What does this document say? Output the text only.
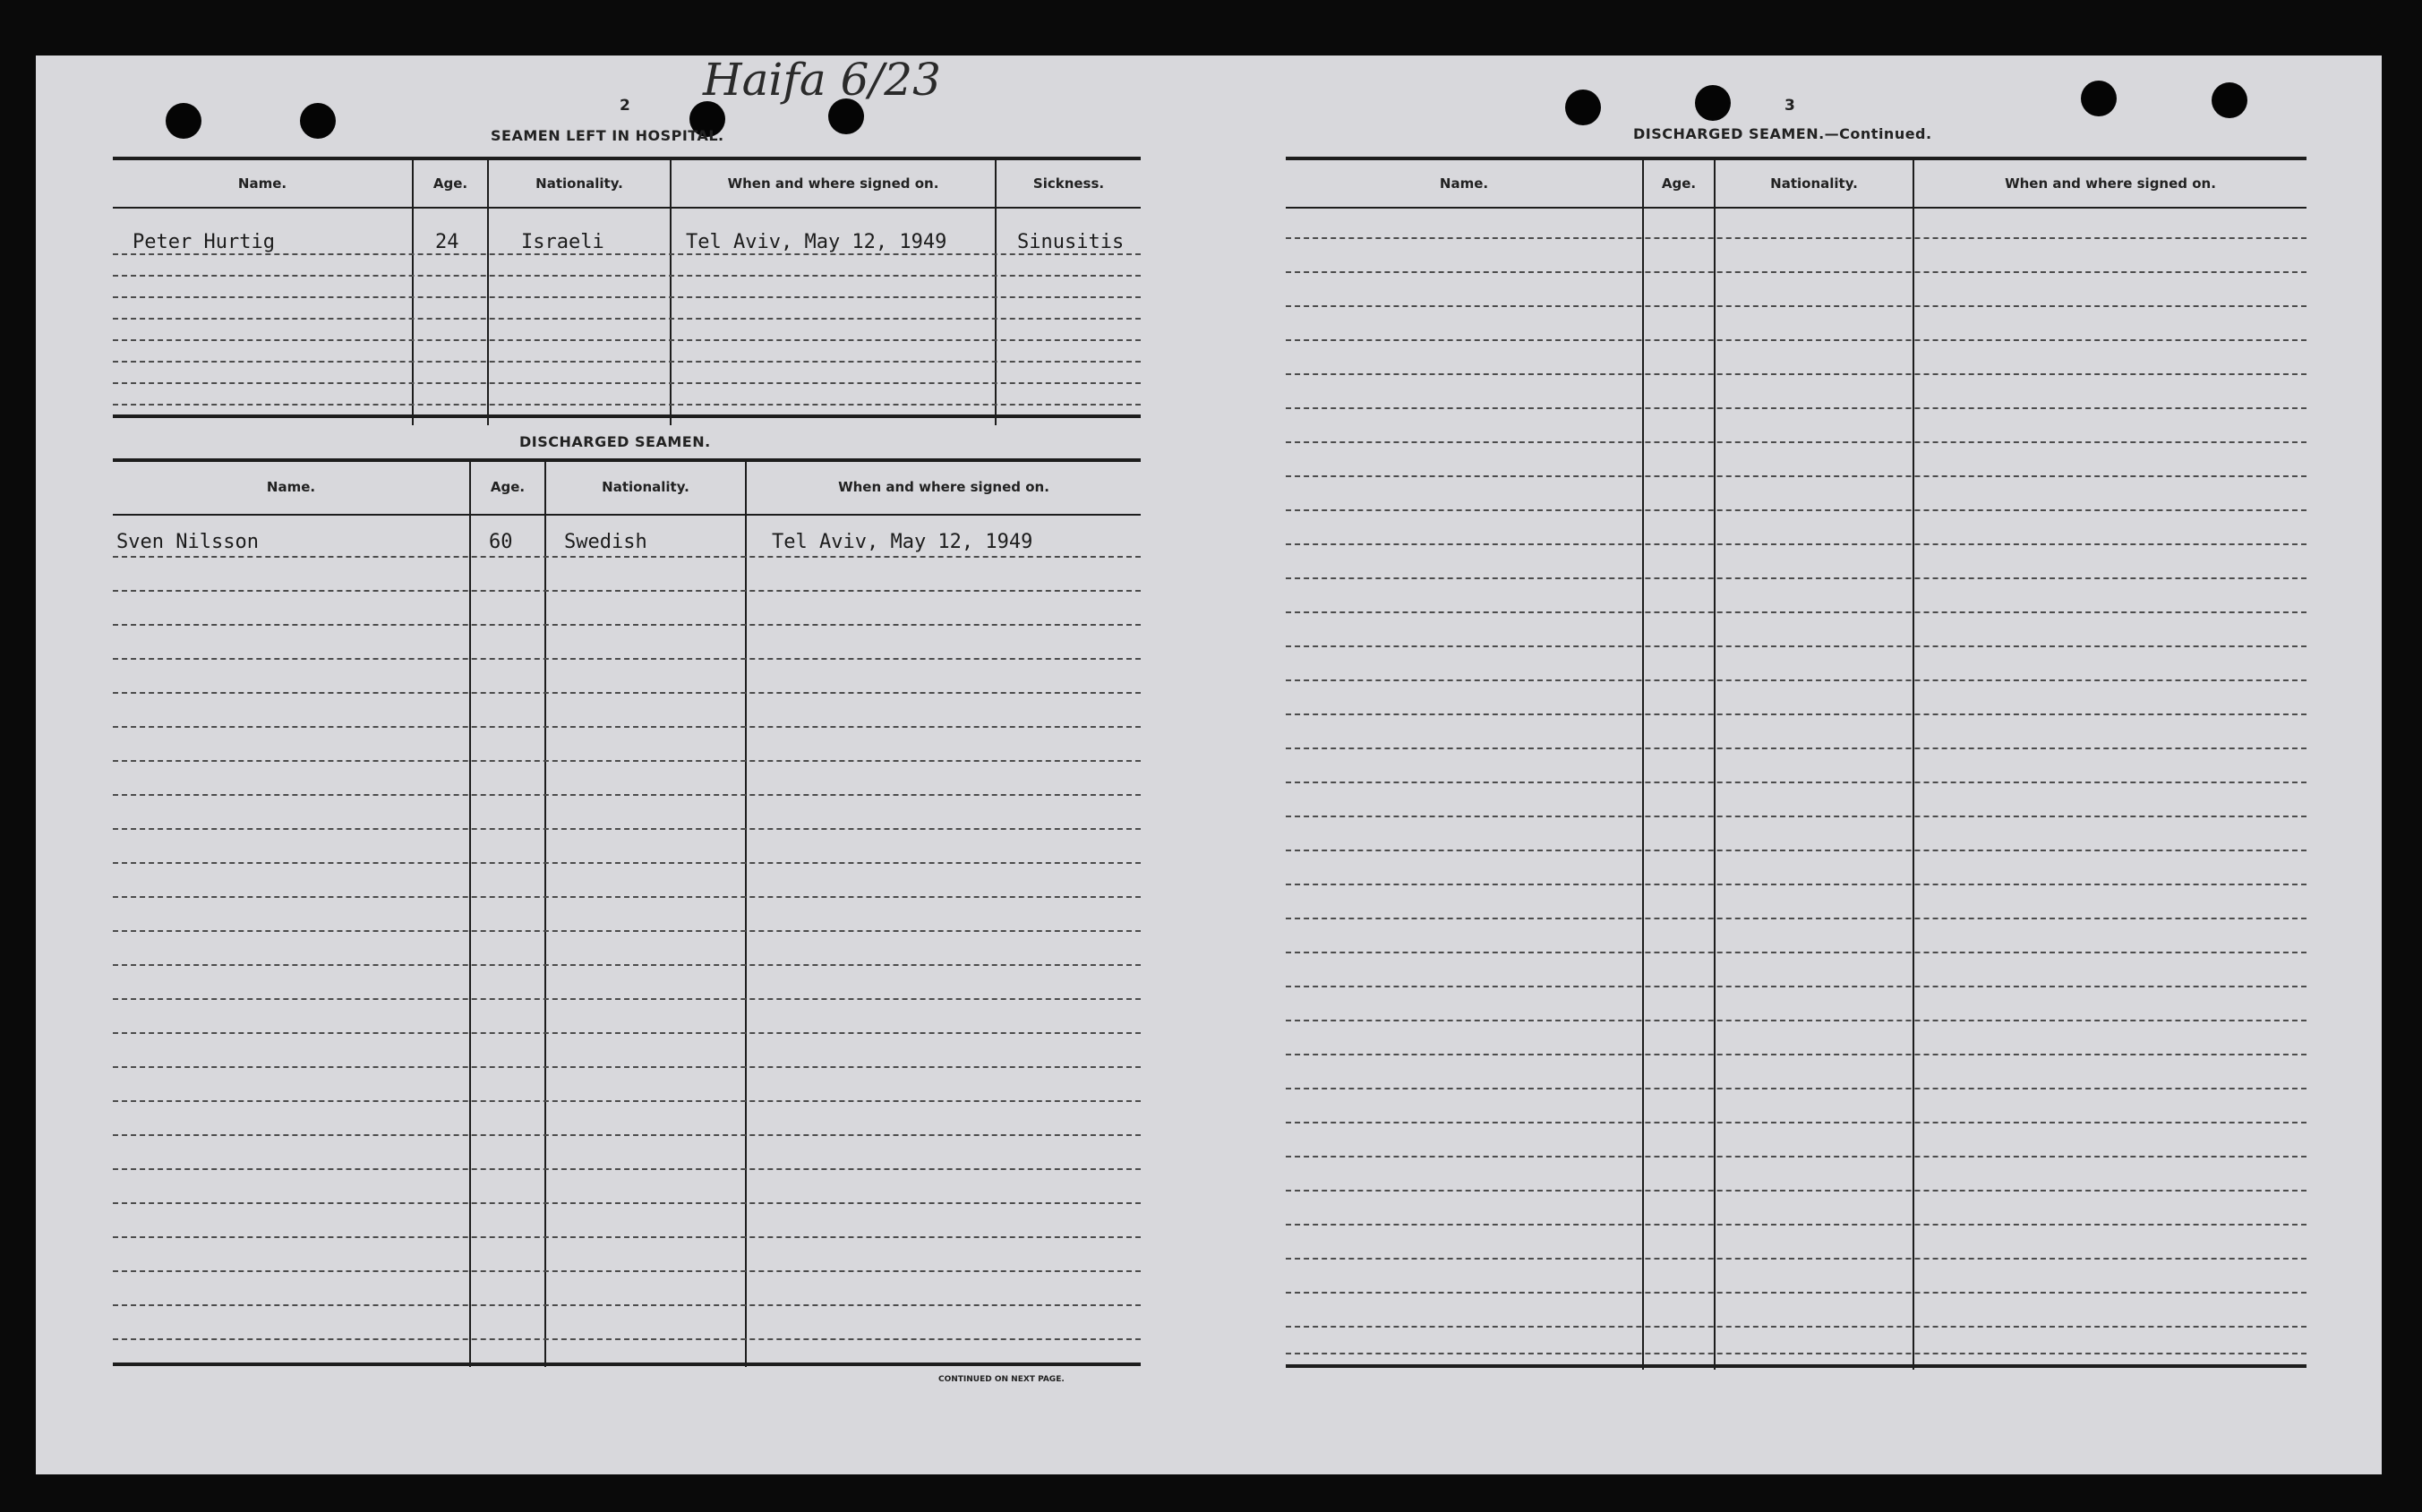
Haifa 6/23
2
SEAMEN LEFT IN HOSPITAL.
Name.	Age.	Nationality.	When and where signed on.	Sickness.
Peter Hurtig	24	Israeli	Tel Aviv, May 12, 1949	Sinusitis
DISCHARGED SEAMEN.
Name.	Age.	Nationality.	When and where signed on.
Sven Nilsson	60	Swedish	Tel Aviv, May 12, 1949
CONTINUED ON NEXT PAGE.
3
DISCHARGED SEAMEN.—Continued.
Name.	Age.	Nationality.	When and where signed on.
